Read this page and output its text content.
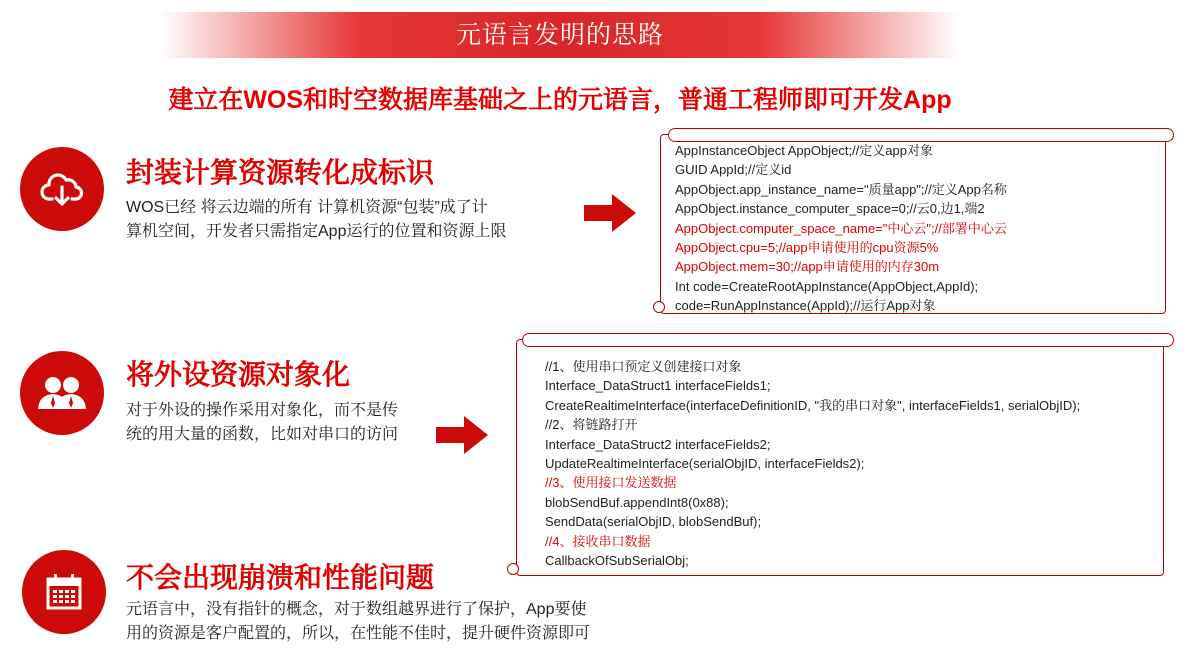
元语言发明的思路
建立在WOS和时空数据库基础之上的元语言，普通工程师即可开发App
封装计算资源转化成标识
WOS已经 将云边端的所有 计算机资源“包装”成了计
算机空间，开发者只需指定App运行的位置和资源上限
AppInstanceObject AppObject;//定义app对象
GUID AppId;//定义id
AppObject.app_instance_name="质量app";//定义App名称
AppObject.instance_computer_space=0;//云0,边1,端2
AppObject.computer_space_name="中心云";//部署中心云
AppObject.cpu=5;//app申请使用的cpu资源5%
AppObject.mem=30;//app申请使用的内存30m
Int code=CreateRootAppInstance(AppObject,AppId);
code=RunAppInstance(AppId);//运行App对象
将外设资源对象化
对于外设的操作采用对象化，而不是传
统的用大量的函数，比如对串口的访问
//1、使用串口预定义创建接口对象
Interface_DataStruct1 interfaceFields1;
CreateRealtimeInterface(interfaceDefinitionID, "我的串口对象", interfaceFields1, serialObjID);
//2、将链路打开
Interface_DataStruct2 interfaceFields2;
UpdateRealtimeInterface(serialObjID, interfaceFields2);
//3、使用接口发送数据
blobSendBuf.appendInt8(0x88);
SendData(serialObjID, blobSendBuf);
//4、接收串口数据
CallbackOfSubSerialObj;
不会出现崩溃和性能问题
元语言中，没有指针的概念，对于数组越界进行了保护，App要使
用的资源是客户配置的，所以，在性能不佳时，提升硬件资源即可
